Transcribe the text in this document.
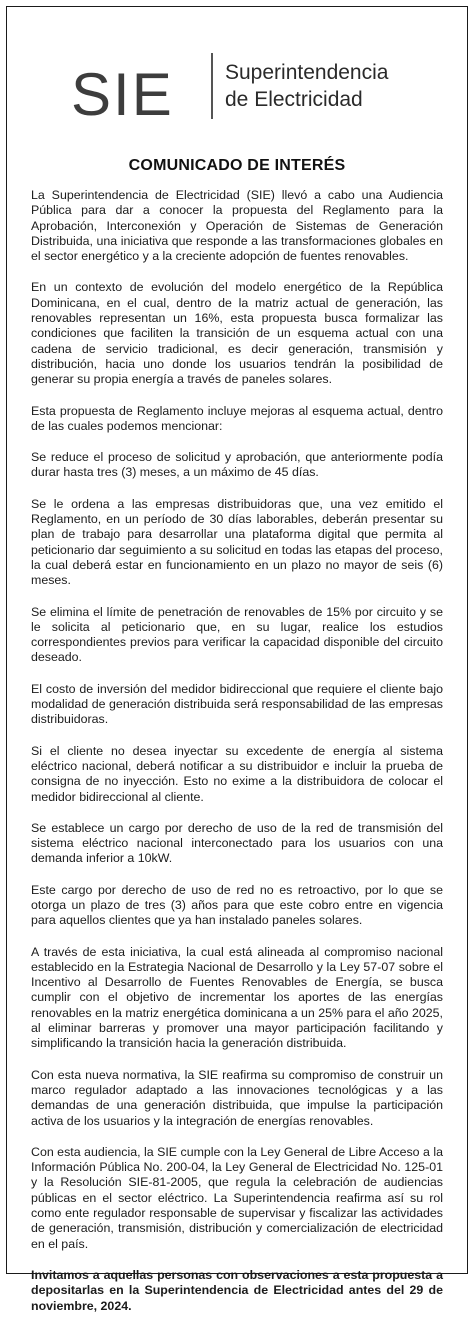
SIE Superintendencia
de Electricidad
COMUNICADO DE INTERÉS

La Superintendencia de Electricidad (SIE) llevó a cabo una Audiencia Pública para dar a conocer la propuesta del Reglamento para la Aprobación, Interconexión y Operación de Sistemas de Generación Distribuida, una iniciativa que responde a las transformaciones globales en el sector energético y a la creciente adopción de fuentes renovables.

En un contexto de evolución del modelo energético de la República Dominicana, en el cual, dentro de la matriz actual de generación, las renovables representan un 16%, esta propuesta busca formalizar las condiciones que faciliten la transición de un esquema actual con una cadena de servicio tradicional, es decir generación, transmisión y distribución, hacia uno donde los usuarios tendrán la posibilidad de generar su propia energía a través de paneles solares.

Esta propuesta de Reglamento incluye mejoras al esquema actual, dentro de las cuales podemos mencionar:

Se reduce el proceso de solicitud y aprobación, que anteriormente podía durar hasta tres (3) meses, a un máximo de 45 días.

Se le ordena a las empresas distribuidoras que, una vez emitido el Reglamento, en un período de 30 días laborables, deberán presentar su plan de trabajo para desarrollar una plataforma digital que permita al peticionario dar seguimiento a su solicitud en todas las etapas del proceso, la cual deberá estar en funcionamiento en un plazo no mayor de seis (6) meses.

Se elimina el límite de penetración de renovables de 15% por circuito y se le solicita al peticionario que, en su lugar, realice los estudios correspondientes previos para verificar la capacidad disponible del circuito deseado.

El costo de inversión del medidor bidireccional que requiere el cliente bajo modalidad de generación distribuida será responsabilidad de las empresas distribuidoras.

Si el cliente no desea inyectar su excedente de energía al sistema eléctrico nacional, deberá notificar a su distribuidor e incluir la prueba de consigna de no inyección. Esto no exime a la distribuidora de colocar el medidor bidireccional al cliente.

Se establece un cargo por derecho de uso de la red de transmisión del sistema eléctrico nacional interconectado para los usuarios con una demanda inferior a 10kW.

Este cargo por derecho de uso de red no es retroactivo, por lo que se otorga un plazo de tres (3) años para que este cobro entre en vigencia para aquellos clientes que ya han instalado paneles solares.

A través de esta iniciativa, la cual está alineada al compromiso nacional establecido en la Estrategia Nacional de Desarrollo y la Ley 57-07 sobre el Incentivo al Desarrollo de Fuentes Renovables de Energía, se busca cumplir con el objetivo de incrementar los aportes de las energías renovables en la matriz energética dominicana a un 25% para el año 2025, al eliminar barreras y promover una mayor participación facilitando y simplificando la transición hacia la generación distribuida.

Con esta nueva normativa, la SIE reafirma su compromiso de construir un marco regulador adaptado a las innovaciones tecnológicas y a las demandas de una generación distribuida, que impulse la participación activa de los usuarios y la integración de energías renovables.

Con esta audiencia, la SIE cumple con la Ley General de Libre Acceso a la Información Pública No. 200-04, la Ley General de Electricidad No. 125-01 y la Resolución SIE-81-2005, que regula la celebración de audiencias públicas en el sector eléctrico. La Superintendencia reafirma así su rol como ente regulador responsable de supervisar y fiscalizar las actividades de generación, transmisión, distribución y comercialización de electricidad en el país.

Invitamos a aquellas personas con observaciones a esta propuesta a depositarlas en la Superintendencia de Electricidad antes del 29 de noviembre, 2024.
